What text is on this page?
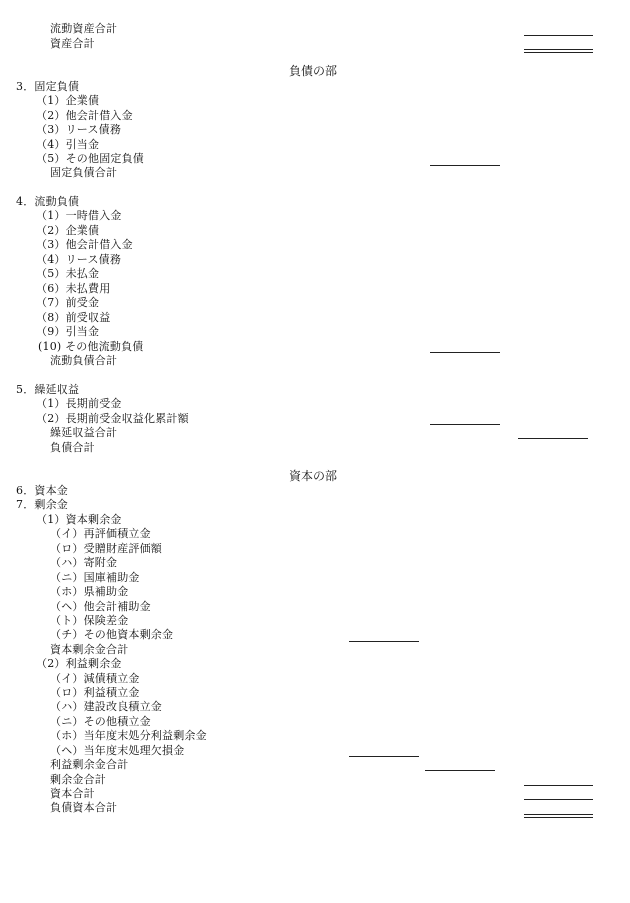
流動資産合計
資産合計
負債の部
3．固定負債
（1）企業債
（2）他会計借入金
（3）リース債務
（4）引当金
（5）その他固定負債
固定負債合計
4．流動負債
（1）一時借入金
（2）企業債
（3）他会計借入金
（4）リース債務
（5）未払金
（6）未払費用
（7）前受金
（8）前受収益
（9）引当金
(10) その他流動負債
流動負債合計
5．繰延収益
（1）長期前受金
（2）長期前受金収益化累計額
繰延収益合計
負債合計
資本の部
6．資本金
7．剰余金
（1）資本剰余金
（イ）再評価積立金
（ロ）受贈財産評価額
（ハ）寄附金
（ニ）国庫補助金
（ホ）県補助金
（ヘ）他会計補助金
（ト）保険差金
（チ）その他資本剰余金
資本剰余金合計
（2）利益剰余金
（イ）減債積立金
（ロ）利益積立金
（ハ）建設改良積立金
（ニ）その他積立金
（ホ）当年度末処分利益剰余金
（ヘ）当年度末処理欠損金
利益剰余金合計
剰余金合計
資本合計
負債資本合計
